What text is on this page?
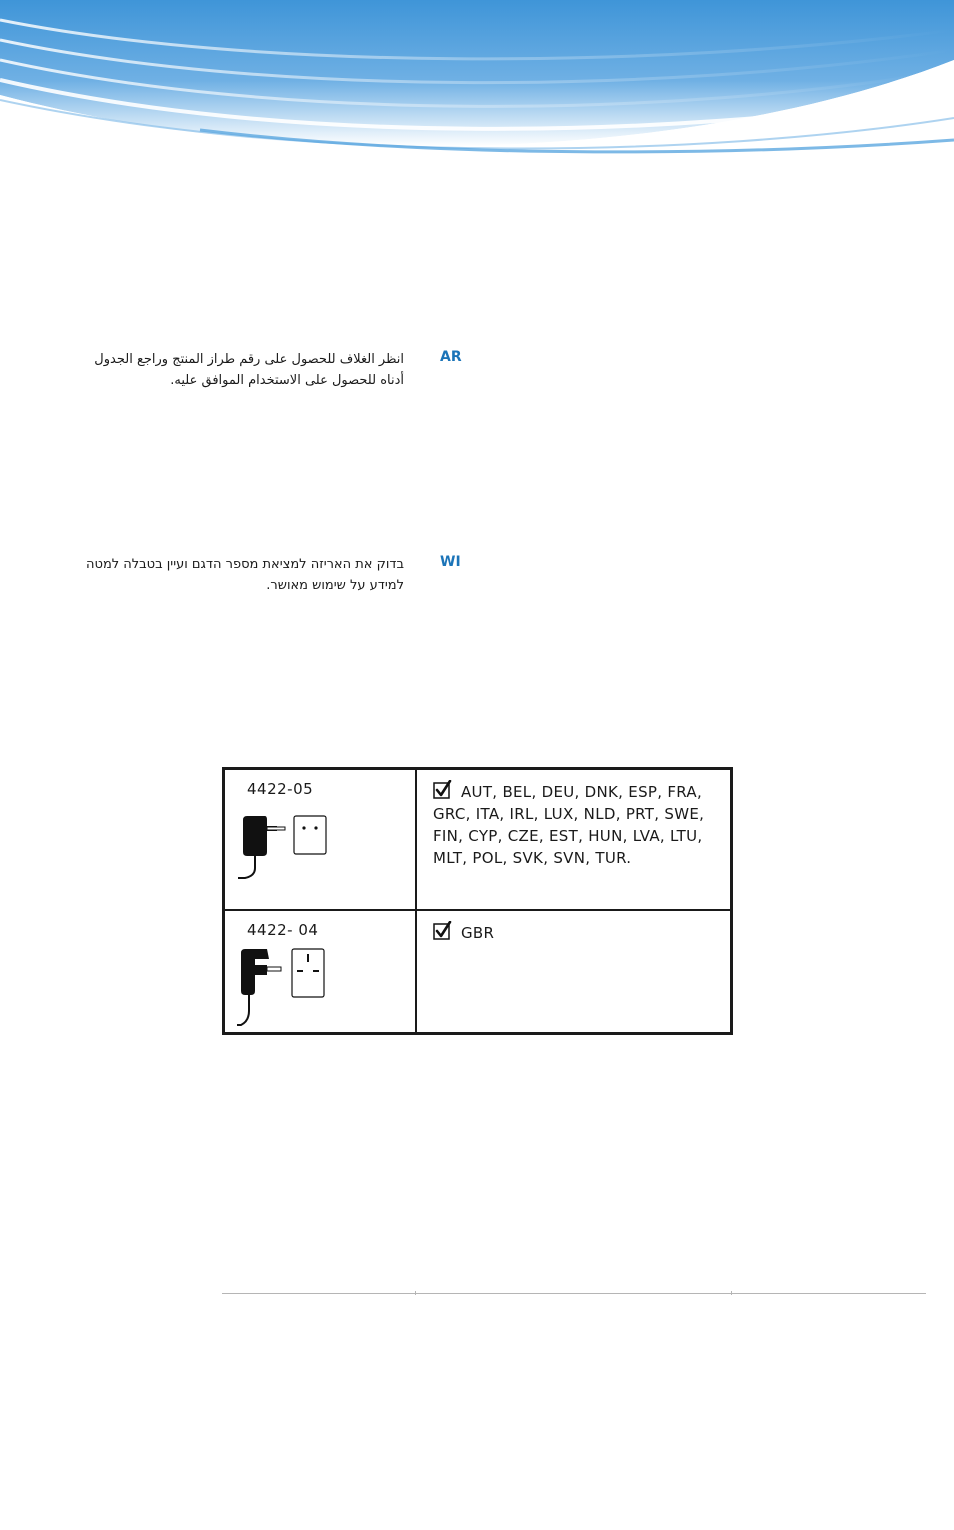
AR
انظر الغلاف للحصول على رقم طراز المنتج وراجع الجدول أدناه للحصول على الاستخدام الموافق عليه.
WI
בדוק את האריזה למציאת מספר הדגם ועיין בטבלה למטה למידע על שימוש מאושר.
4422-05	AUT, BEL, DEU, DNK, ESP, FRA, GRC, ITA, IRL, LUX, NLD, PRT, SWE, FIN, CYP, CZE, EST, HUN, LVA, LTU, MLT, POL, SVK, SVN, TUR.
4422- 04	GBR
